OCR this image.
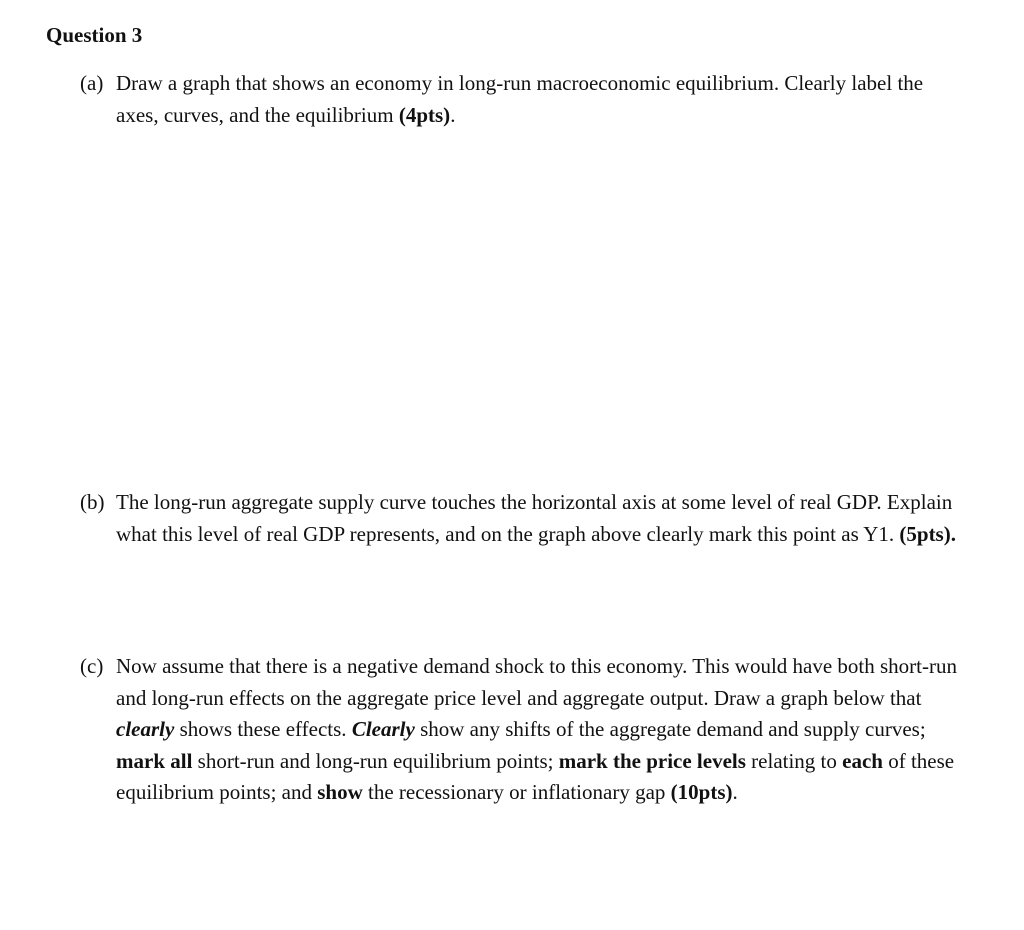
Question 3
(a) Draw a graph that shows an economy in long-run macroeconomic equilibrium. Clearly label the axes, curves, and the equilibrium (4pts).
(b) The long-run aggregate supply curve touches the horizontal axis at some level of real GDP. Explain what this level of real GDP represents, and on the graph above clearly mark this point as Y1. (5pts).
(c) Now assume that there is a negative demand shock to this economy. This would have both short-run and long-run effects on the aggregate price level and aggregate output. Draw a graph below that clearly shows these effects. Clearly show any shifts of the aggregate demand and supply curves; mark all short-run and long-run equilibrium points; mark the price levels relating to each of these equilibrium points; and show the recessionary or inflationary gap (10pts).
